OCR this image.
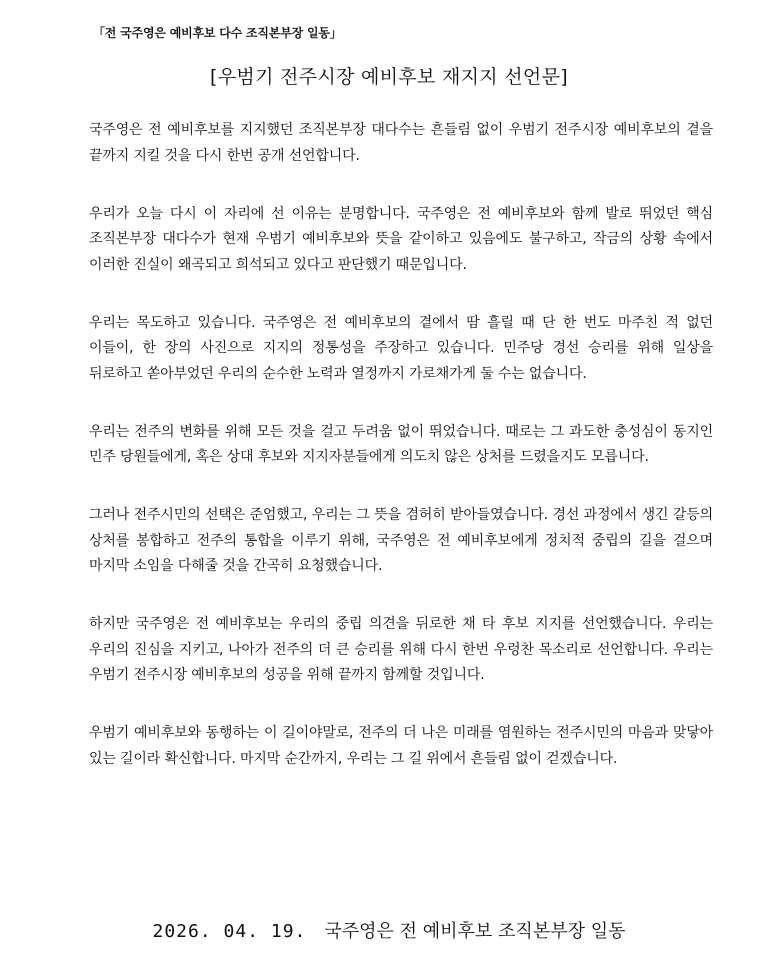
「전 국주영은 예비후보 다수 조직본부장 일동」
[우범기 전주시장 예비후보 재지지 선언문]

국주영은 전 예비후보를 지지했던 조직본부장 대다수는 흔들림 없이 우범기 전주시장 예비후보의 곁을 끝까지 지킬 것을 다시 한번 공개 선언합니다.

우리가 오늘 다시 이 자리에 선 이유는 분명합니다. 국주영은 전 예비후보와 함께 발로 뛰었던 핵심 조직본부장 대다수가 현재 우범기 예비후보와 뜻을 같이하고 있음에도 불구하고, 작금의 상황 속에서 이러한 진실이 왜곡되고 희석되고 있다고 판단했기 때문입니다.

우리는 목도하고 있습니다. 국주영은 전 예비후보의 곁에서 땀 흘릴 때 단 한 번도 마주친 적 없던 이들이, 한 장의 사진으로 지지의 정통성을 주장하고 있습니다. 민주당 경선 승리를 위해 일상을 뒤로하고 쏟아부었던 우리의 순수한 노력과 열정까지 가로채가게 둘 수는 없습니다.

우리는 전주의 변화를 위해 모든 것을 걸고 두려움 없이 뛰었습니다. 때로는 그 과도한 충성심이 동지인 민주 당원들에게, 혹은 상대 후보와 지지자분들에게 의도치 않은 상처를 드렸을지도 모릅니다.

그러나 전주시민의 선택은 준엄했고, 우리는 그 뜻을 겸허히 받아들였습니다. 경선 과정에서 생긴 갈등의 상처를 봉합하고 전주의 통합을 이루기 위해, 국주영은 전 예비후보에게 정치적 중립의 길을 걸으며 마지막 소임을 다해줄 것을 간곡히 요청했습니다.

하지만 국주영은 전 예비후보는 우리의 중립 의견을 뒤로한 채 타 후보 지지를 선언했습니다. 우리는 우리의 진심을 지키고, 나아가 전주의 더 큰 승리를 위해 다시 한번 우렁찬 목소리로 선언합니다. 우리는 우범기 전주시장 예비후보의 성공을 위해 끝까지 함께할 것입니다.

우범기 예비후보와 동행하는 이 길이야말로, 전주의 더 나은 미래를 염원하는 전주시민의 마음과 맞닿아 있는 길이라 확신합니다. 마지막 순간까지, 우리는 그 길 위에서 흔들림 없이 걷겠습니다.

2026. 04. 19. 국주영은 전 예비후보 조직본부장 일동
